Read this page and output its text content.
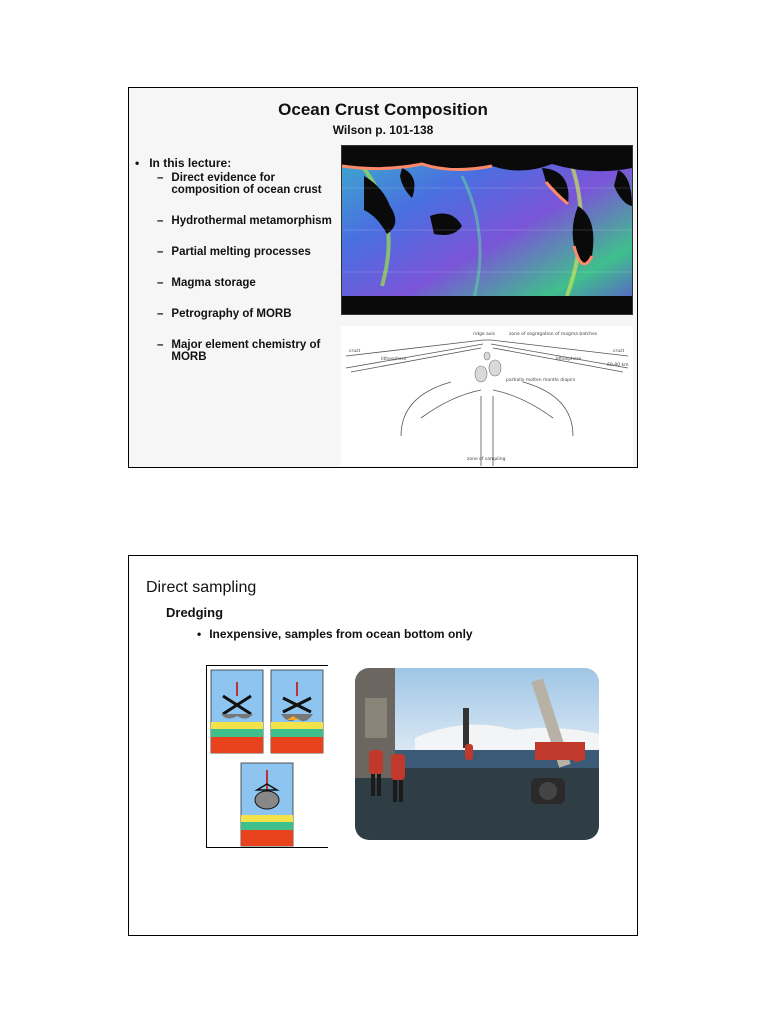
Ocean Crust Composition
Wilson p. 101-138
• In this lecture:
– Direct evidence for composition of ocean crust
– Hydrothermal metamorphism
– Partial melting processes
– Magma storage
– Petrography of MORB
– Major element chemistry of MORB
ridge axis	zone of segregation of magma batches
crust	crust
lithosphere	lithosphere
partially molten mantle diapirs
60-80 km
zone of sampling
Direct sampling
Dredging
• Inexpensive, samples from ocean bottom only
